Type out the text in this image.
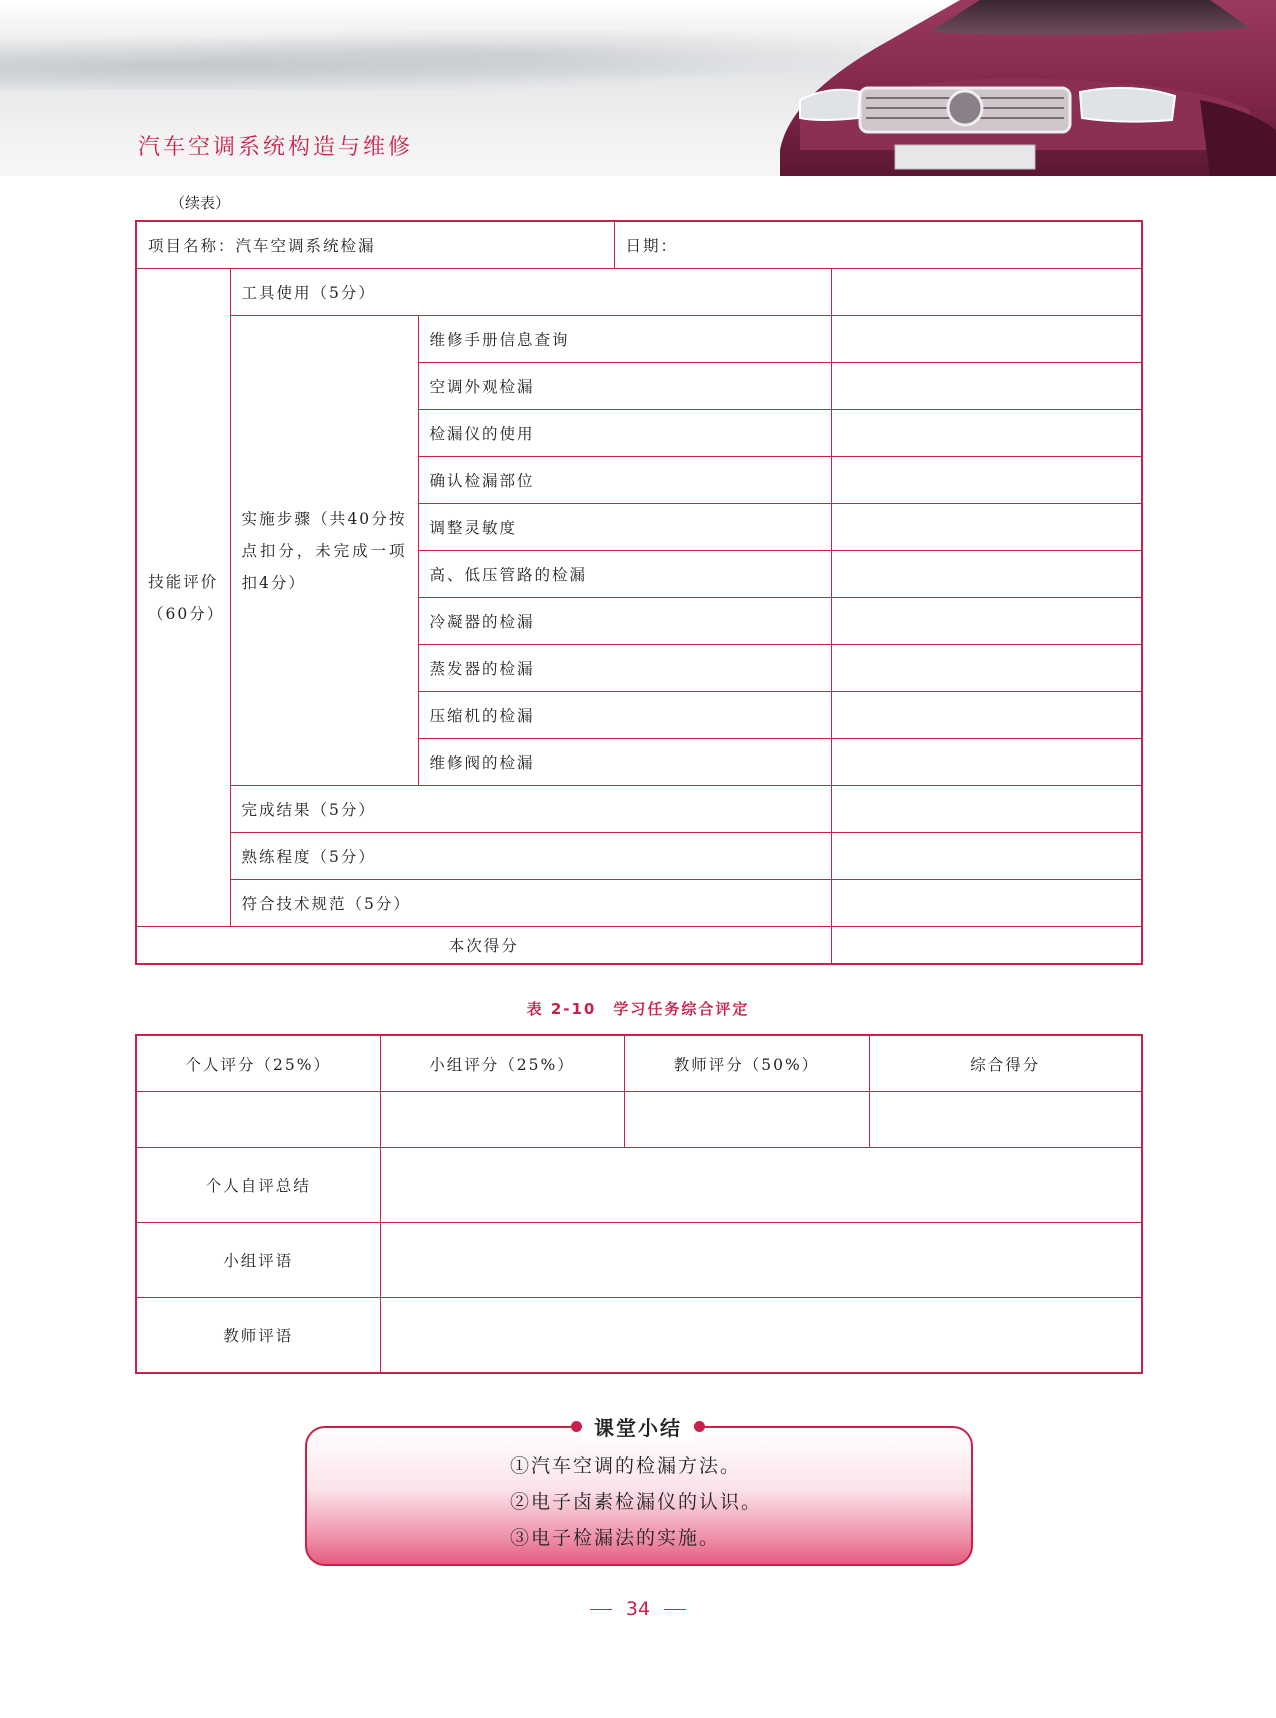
汽车空调系统构造与维修
（续表）
项目名称：汽车空调系统检漏			日期：	
技能评价（60分）	工具使用（5分）			
	实施步骤（共40分按点扣分，未完成一项扣4分）	维修手册信息查询		
		空调外观检漏		
		检漏仪的使用		
		确认检漏部位		
		调整灵敏度		
		高、低压管路的检漏		
		冷凝器的检漏		
		蒸发器的检漏		
		压缩机的检漏		
		维修阀的检漏		
	完成结果（5分）			
	熟练程度（5分）			
	符合技术规范（5分）			
本次得分				
表 2-10　学习任务综合评定
个人评分（25%）	小组评分（25%）	教师评分（50%）	综合得分

个人自评总结			
小组评语			
教师评语			
课堂小结
①汽车空调的检漏方法。
②电子卤素检漏仪的认识。
③电子检漏法的实施。
34
